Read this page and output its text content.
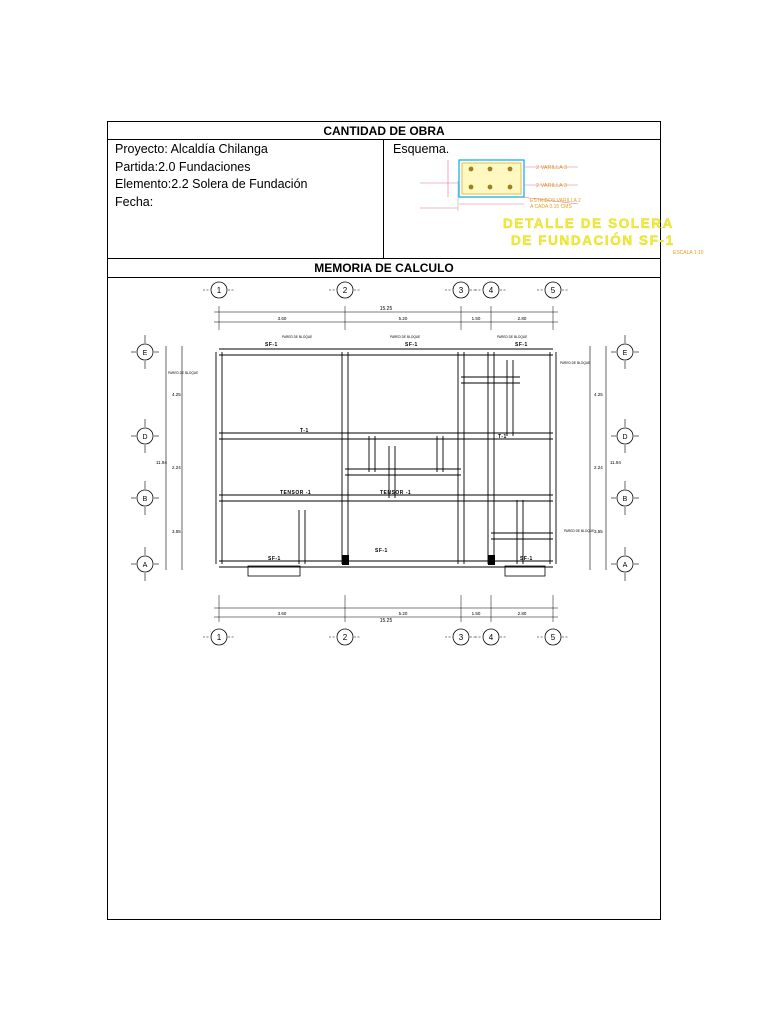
CANTIDAD DE OBRA
Proyecto: Alcaldía Chilanga
Partida:2.0 Fundaciones
Elemento:2.2 Solera de Fundación
Fecha:
Esquema.
2 VARILLA 3
2 VARILLA 3
ESTRIBOS VARILLA 2
A CADA 0.15 CMS
DETALLE DE SOLERA
DE FUNDACIÓN SF-1
ESCALA 1:10
MEMORIA DE CALCULO
1	2	3	4	5
1	2	3	4	5
E
D
B
A
E
D
B
A
15.25
15.25
3.60
3.60
5.20
5.20
1.50
1.50
2.80
2.80
11.94	11.94
4.25	4.25
2.24	2.24
3.55	3.55
SF-1	SF-1	SF-1
T-1
T-1
TENSOR -1	TENSOR -1
SF-1
SF-1
SF-1
PARED DE BLOQUE	PARED DE BLOQUE	PARED DE BLOQUE
PARED DE BLOQUE
PARED DE BLOQUE
PARED DE BLOQUE
